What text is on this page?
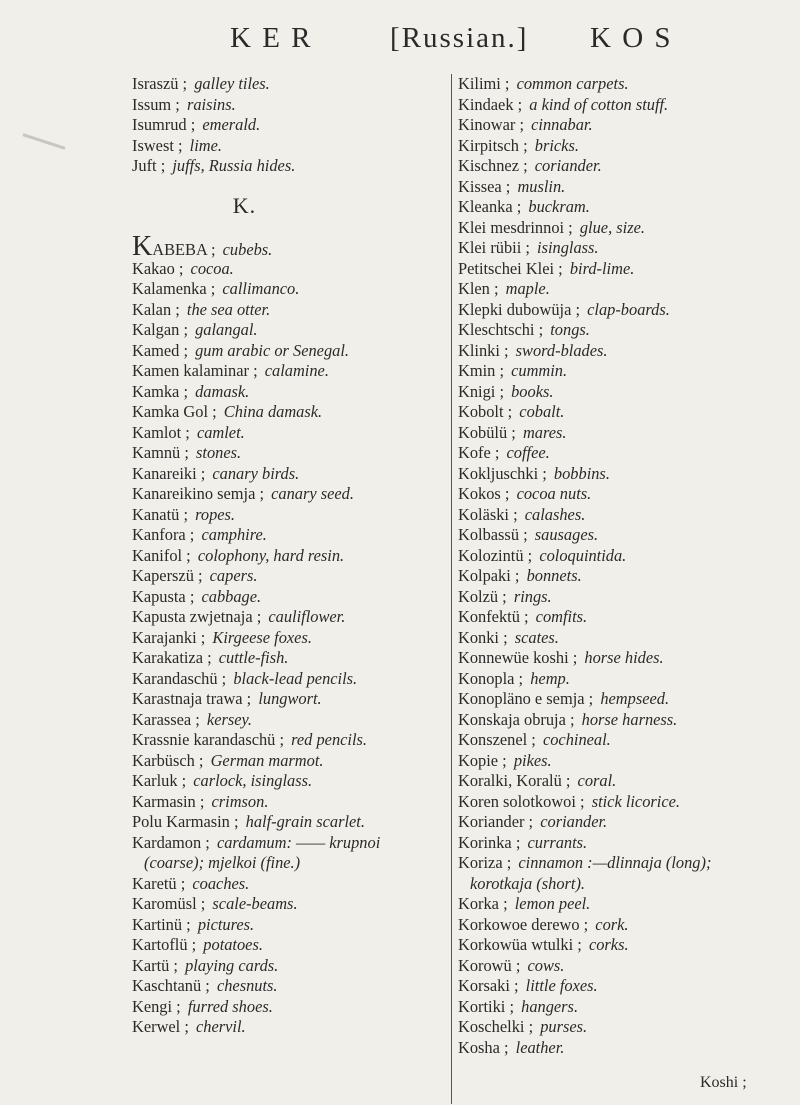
K E R	[Russian.] K O S
Israszü ; galley tiles.
Issum ; raisins.
Isumrud ; emerald.
Iswest ; lime.
Juft ; juffs, Russia hides.
K.
KABEBA ; cubebs.
Kakao ; cocoa.
Kalamenka ; callimanco.
Kalan ; the sea otter.
Kalgan ; galangal.
Kamed ; gum arabic or Senegal.
Kamen kalaminar ; calamine.
Kamka ; damask.
Kamka Gol ; China damask.
Kamlot ; camlet.
Kamnü ; stones.
Kanareiki ; canary birds.
Kanareikino semja ; canary seed.
Kanatü ; ropes.
Kanfora ; camphire.
Kanifol ; colophony, hard resin.
Kaperszü ; capers.
Kapusta ; cabbage.
Kapusta zwjetnaja ; cauliflower.
Karajanki ; Kirgeese foxes.
Karakatiza ; cuttle-fish.
Karandaschü ; black-lead pencils.
Karastnaja trawa ; lungwort.
Karassea ; kersey.
Krassnie karandaschü ; red pencils.
Karbüsch ; German marmot.
Karluk ; carlock, isinglass.
Karmasin ; crimson.
Polu Karmasin ; half-grain scarlet.
Kardamon ; cardamum: —— krupnoi
(coarse); mjelkoi (fine.)
Karetü ; coaches.
Karomüsl ; scale-beams.
Kartinü ; pictures.
Kartoflü ; potatoes.
Kartü ; playing cards.
Kaschtanü ; chesnuts.
Kengi ; furred shoes.
Kerwel ; chervil.
Kilimi ; common carpets.
Kindaek ; a kind of cotton stuff.
Kinowar ; cinnabar.
Kirpitsch ; bricks.
Kischnez ; coriander.
Kissea ; muslin.
Kleanka ; buckram.
Klei mesdrinnoi ; glue, size.
Klei rübii ; isinglass.
Petitschei Klei ; bird-lime.
Klen ; maple.
Klepki dubowüja ; clap-boards.
Kleschtschi ; tongs.
Klinki ; sword-blades.
Kmin ; cummin.
Knigi ; books.
Kobolt ; cobalt.
Kobülü ; mares.
Kofe ; coffee.
Kokljuschki ; bobbins.
Kokos ; cocoa nuts.
Koläski ; calashes.
Kolbassü ; sausages.
Kolozintü ; coloquintida.
Kolpaki ; bonnets.
Kolzü ; rings.
Konfektü ; comfits.
Konki ; scates.
Konnewüe koshi ; horse hides.
Konopla ; hemp.
Konopläno e semja ; hempseed.
Konskaja obruja ; horse harness.
Konszenel ; cochineal.
Kopie ; pikes.
Koralki, Koralü ; coral.
Koren solotkowoi ; stick licorice.
Koriander ; coriander.
Korinka ; currants.
Koriza ; cinnamon :—dlinnaja (long);
korotkaja (short).
Korka ; lemon peel.
Korkowoe derewo ; cork.
Korkowüa wtulki ; corks.
Korowü ; cows.
Korsaki ; little foxes.
Kortiki ; hangers.
Koschelki ; purses.
Kosha ; leather.
Koshi ;
